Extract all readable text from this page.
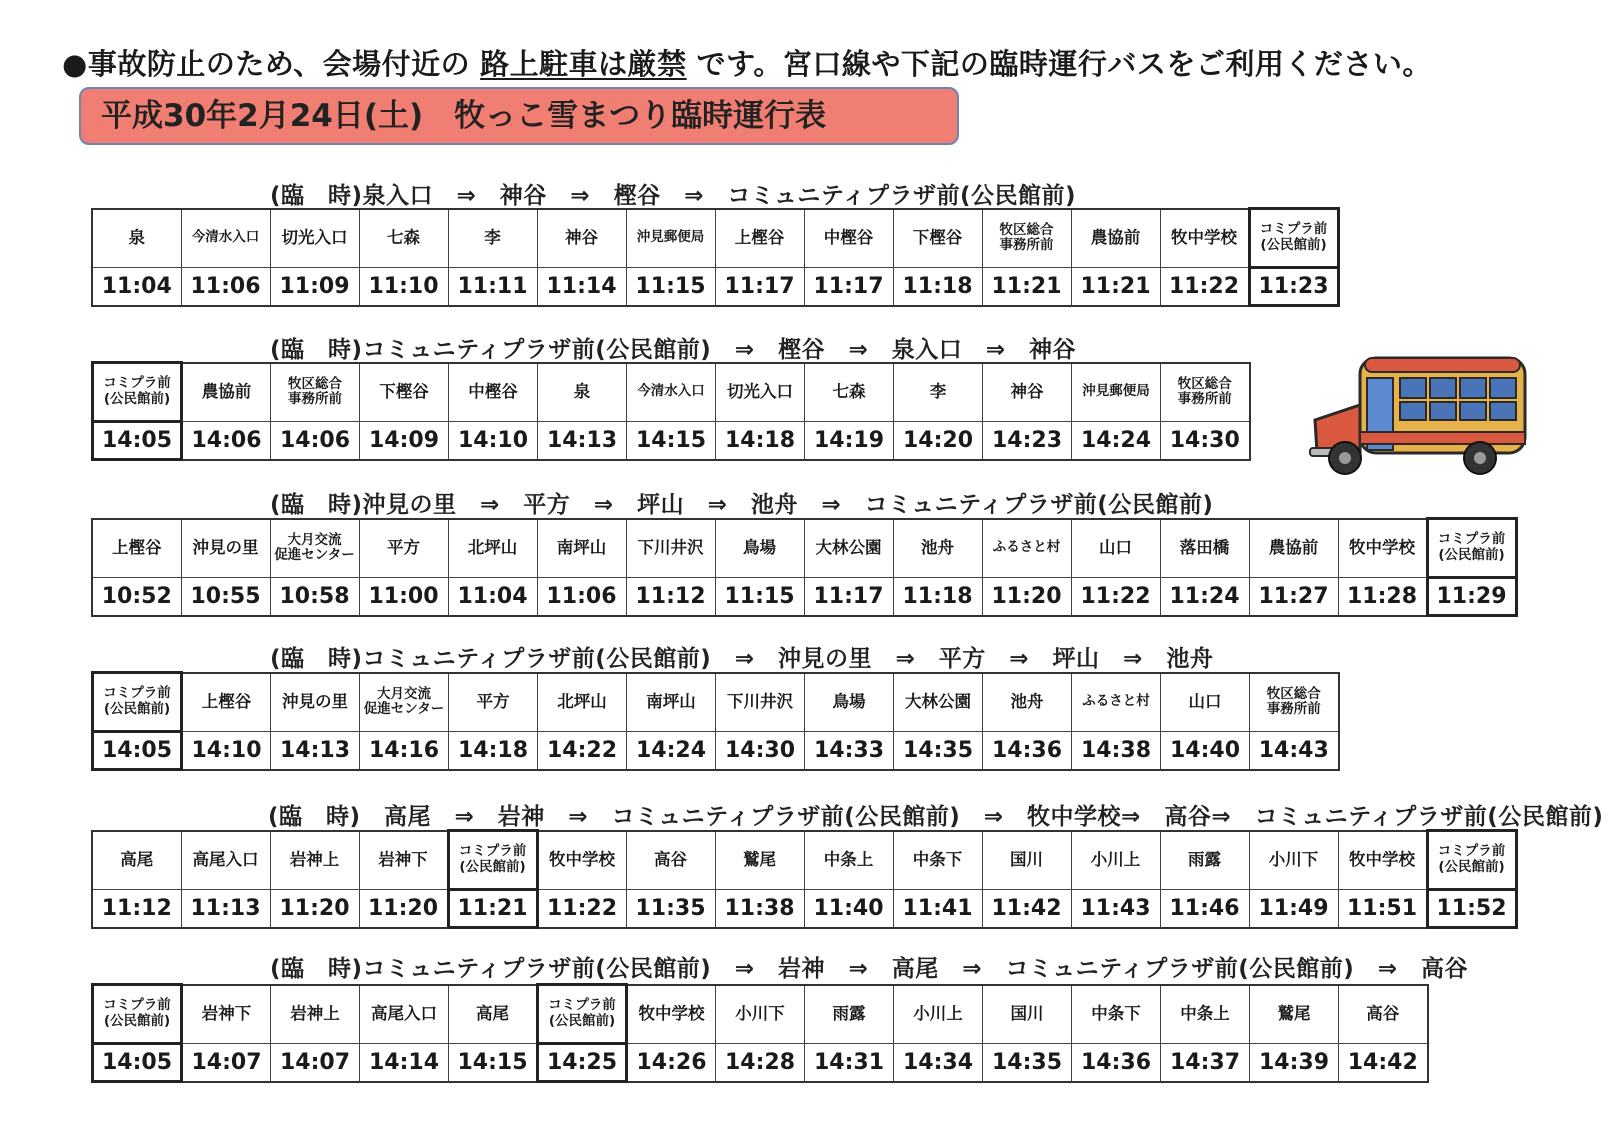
●事故防止のため、会場付近の 路上駐車は厳禁 です。宮口線や下記の臨時運行バスをご利用ください。
平成30年2月24日(土)　牧っこ雪まつり臨時運行表
(臨　時)泉入口　⇒　神谷　⇒　樫谷　⇒　コミュニティプラザ前(公民館前)
泉	今清水入口	切光入口	七森	李	神谷	沖見郵便局	上樫谷	中樫谷	下樫谷	牧区総合
事務所前	農協前	牧中学校	コミプラ前
(公民館前)
11:04	11:06	11:09	11:10	11:11	11:14	11:15	11:17	11:17	11:18	11:21	11:21	11:22	11:23
(臨　時)コミュニティプラザ前(公民館前)　⇒　樫谷　⇒　泉入口　⇒　神谷
コミプラ前
(公民館前)	農協前	牧区総合
事務所前	下樫谷	中樫谷	泉	今清水入口	切光入口	七森	李	神谷	沖見郵便局	牧区総合
事務所前
14:05	14:06	14:06	14:09	14:10	14:13	14:15	14:18	14:19	14:20	14:23	14:24	14:30
(臨　時)沖見の里　⇒　平方　⇒　坪山　⇒　池舟　⇒　コミュニティプラザ前(公民館前)
上樫谷	沖見の里	大月交流
促進センター	平方	北坪山	南坪山	下川井沢	鳥場	大林公園	池舟	ふるさと村	山口	落田橋	農協前	牧中学校	コミプラ前
(公民館前)
10:52	10:55	10:58	11:00	11:04	11:06	11:12	11:15	11:17	11:18	11:20	11:22	11:24	11:27	11:28	11:29
(臨　時)コミュニティプラザ前(公民館前)　⇒　沖見の里　⇒　平方　⇒　坪山　⇒　池舟
コミプラ前
(公民館前)	上樫谷	沖見の里	大月交流
促進センター	平方	北坪山	南坪山	下川井沢	鳥場	大林公園	池舟	ふるさと村	山口	牧区総合
事務所前
14:05	14:10	14:13	14:16	14:18	14:22	14:24	14:30	14:33	14:35	14:36	14:38	14:40	14:43
(臨　時)　高尾　⇒　岩神　⇒　コミュニティプラザ前(公民館前)　⇒　牧中学校⇒　高谷⇒　コミュニティプラザ前(公民館前)
高尾	高尾入口	岩神上	岩神下	コミプラ前
(公民館前)	牧中学校	高谷	鷲尾	中条上	中条下	国川	小川上	雨露	小川下	牧中学校	コミプラ前
(公民館前)
11:12	11:13	11:20	11:20	11:21	11:22	11:35	11:38	11:40	11:41	11:42	11:43	11:46	11:49	11:51	11:52
(臨　時)コミュニティプラザ前(公民館前)　⇒　岩神　⇒　高尾　⇒　コミュニティプラザ前(公民館前)　⇒　高谷
コミプラ前
(公民館前)	岩神下	岩神上	高尾入口	高尾	コミプラ前
(公民館前)	牧中学校	小川下	雨露	小川上	国川	中条下	中条上	鷲尾	高谷
14:05	14:07	14:07	14:14	14:15	14:25	14:26	14:28	14:31	14:34	14:35	14:36	14:37	14:39	14:42
